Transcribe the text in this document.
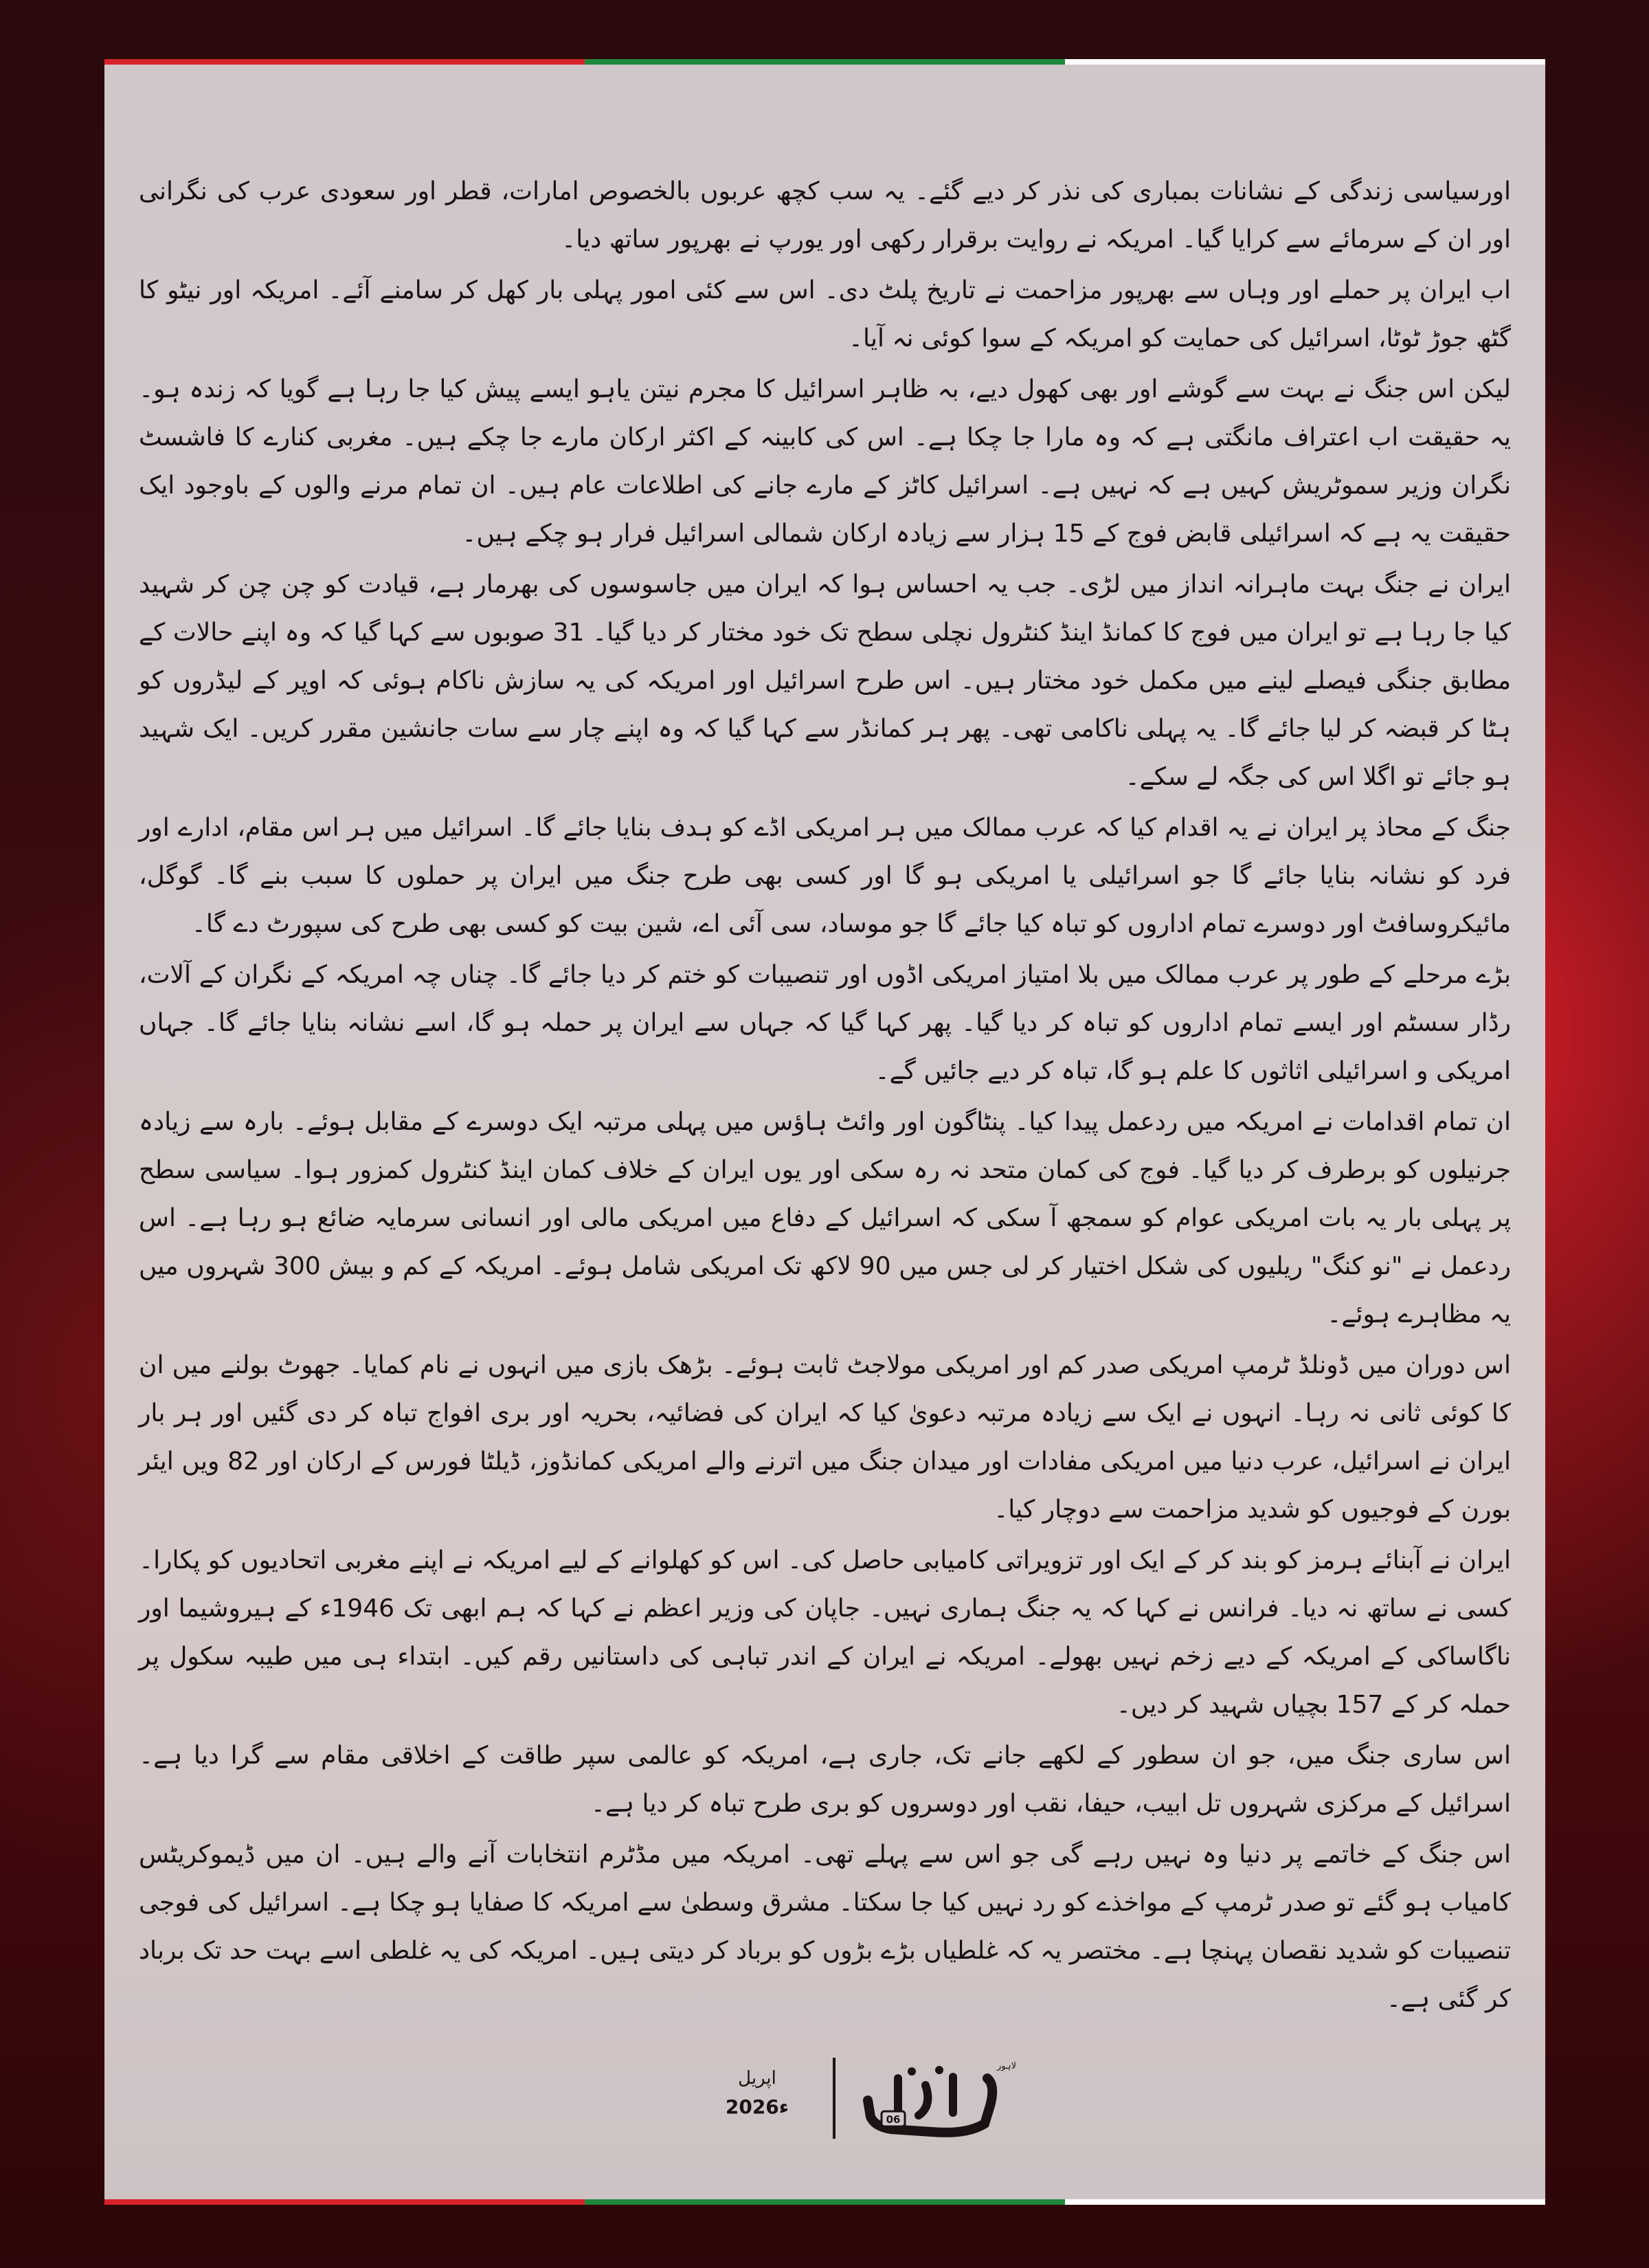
اورسیاسی زندگی کے نشانات بمباری کی نذر کر دیے گئے۔ یہ سب کچھ عربوں بالخصوص امارات، قطر اور سعودی عرب کی نگرانی اور ان کے سرمائے سے کرایا گیا۔ امریکہ نے روایت برقرار رکھی اور یورپ نے بھرپور ساتھ دیا۔

اب ایران پر حملے اور وہاں سے بھرپور مزاحمت نے تاریخ پلٹ دی۔ اس سے کئی امور پہلی بار کھل کر سامنے آئے۔ امریکہ اور نیٹو کا گٹھ جوڑ ٹوٹا، اسرائیل کی حمایت کو امریکہ کے سوا کوئی نہ آیا۔

لیکن اس جنگ نے بہت سے گوشے اور بھی کھول دیے، بہ ظاہر اسرائیل کا مجرم نیتن یاہو ایسے پیش کیا جا رہا ہے گویا کہ زندہ ہو۔ یہ حقیقت اب اعتراف مانگتی ہے کہ وہ مارا جا چکا ہے۔ اس کی کابینہ کے اکثر ارکان مارے جا چکے ہیں۔ مغربی کنارے کا فاشسٹ نگران وزیر سموٹریش کہیں ہے کہ نہیں ہے۔ اسرائیل کاٹز کے مارے جانے کی اطلاعات عام ہیں۔ ان تمام مرنے والوں کے باوجود ایک حقیقت یہ ہے کہ اسرائیلی قابض فوج کے 15 ہزار سے زیادہ ارکان شمالی اسرائیل فرار ہو چکے ہیں۔

ایران نے جنگ بہت ماہرانہ انداز میں لڑی۔ جب یہ احساس ہوا کہ ایران میں جاسوسوں کی بھرمار ہے، قیادت کو چن چن کر شہید کیا جا رہا ہے تو ایران میں فوج کا کمانڈ اینڈ کنٹرول نچلی سطح تک خود مختار کر دیا گیا۔ 31 صوبوں سے کہا گیا کہ وہ اپنے حالات کے مطابق جنگی فیصلے لینے میں مکمل خود مختار ہیں۔ اس طرح اسرائیل اور امریکہ کی یہ سازش ناکام ہوئی کہ اوپر کے لیڈروں کو ہٹا کر قبضہ کر لیا جائے گا۔ یہ پہلی ناکامی تھی۔ پھر ہر کمانڈر سے کہا گیا کہ وہ اپنے چار سے سات جانشین مقرر کریں۔ ایک شہید ہو جائے تو اگلا اس کی جگہ لے سکے۔

جنگ کے محاذ پر ایران نے یہ اقدام کیا کہ عرب ممالک میں ہر امریکی اڈے کو ہدف بنایا جائے گا۔ اسرائیل میں ہر اس مقام، ادارے اور فرد کو نشانہ بنایا جائے گا جو اسرائیلی یا امریکی ہو گا اور کسی بھی طرح جنگ میں ایران پر حملوں کا سبب بنے گا۔ گوگل، مائیکروسافٹ اور دوسرے تمام اداروں کو تباہ کیا جائے گا جو موساد، سی آئی اے، شین بیت کو کسی بھی طرح کی سپورٹ دے گا۔

بڑے مرحلے کے طور پر عرب ممالک میں بلا امتیاز امریکی اڈوں اور تنصیبات کو ختم کر دیا جائے گا۔ چناں چہ امریکہ کے نگران کے آلات، رڈار سسٹم اور ایسے تمام اداروں کو تباہ کر دیا گیا۔ پھر کہا گیا کہ جہاں سے ایران پر حملہ ہو گا، اسے نشانہ بنایا جائے گا۔ جہاں امریکی و اسرائیلی اثاثوں کا علم ہو گا، تباہ کر دیے جائیں گے۔

ان تمام اقدامات نے امریکہ میں ردعمل پیدا کیا۔ پنٹاگون اور وائٹ ہاؤس میں پہلی مرتبہ ایک دوسرے کے مقابل ہوئے۔ بارہ سے زیادہ جرنیلوں کو برطرف کر دیا گیا۔ فوج کی کمان متحد نہ رہ سکی اور یوں ایران کے خلاف کمان اینڈ کنٹرول کمزور ہوا۔ سیاسی سطح پر پہلی بار یہ بات امریکی عوام کو سمجھ آ سکی کہ اسرائیل کے دفاع میں امریکی مالی اور انسانی سرمایہ ضائع ہو رہا ہے۔ اس ردعمل نے "نو کنگ" ریلیوں کی شکل اختیار کر لی جس میں 90 لاکھ تک امریکی شامل ہوئے۔ امریکہ کے کم و بیش 300 شہروں میں یہ مظاہرے ہوئے۔

اس دوران میں ڈونلڈ ٹرمپ امریکی صدر کم اور امریکی مولاجٹ ثابت ہوئے۔ بڑھک بازی میں انہوں نے نام کمایا۔ جھوٹ بولنے میں ان کا کوئی ثانی نہ رہا۔ انہوں نے ایک سے زیادہ مرتبہ دعویٰ کیا کہ ایران کی فضائیہ، بحریہ اور بری افواج تباہ کر دی گئیں اور ہر بار ایران نے اسرائیل، عرب دنیا میں امریکی مفادات اور میدان جنگ میں اترنے والے امریکی کمانڈوز، ڈیلٹا فورس کے ارکان اور 82 ویں ایئر بورن کے فوجیوں کو شدید مزاحمت سے دوچار کیا۔

ایران نے آبنائے ہرمز کو بند کر کے ایک اور تزویراتی کامیابی حاصل کی۔ اس کو کھلوانے کے لیے امریکہ نے اپنے مغربی اتحادیوں کو پکارا۔ کسی نے ساتھ نہ دیا۔ فرانس نے کہا کہ یہ جنگ ہماری نہیں۔ جاپان کی وزیر اعظم نے کہا کہ ہم ابھی تک 1946ء کے ہیروشیما اور ناگاساکی کے امریکہ کے دیے زخم نہیں بھولے۔ امریکہ نے ایران کے اندر تباہی کی داستانیں رقم کیں۔ ابتداء ہی میں طیبہ سکول پر حملہ کر کے 157 بچیاں شہید کر دیں۔

اس ساری جنگ میں، جو ان سطور کے لکھے جانے تک، جاری ہے، امریکہ کو عالمی سپر طاقت کے اخلاقی مقام سے گرا دیا ہے۔ اسرائیل کے مرکزی شہروں تل ابیب، حیفا، نقب اور دوسروں کو بری طرح تباہ کر دیا ہے۔

اس جنگ کے خاتمے پر دنیا وہ نہیں رہے گی جو اس سے پہلے تھی۔ امریکہ میں مڈٹرم انتخابات آنے والے ہیں۔ ان میں ڈیموکریٹس کامیاب ہو گئے تو صدر ٹرمپ کے مواخذے کو رد نہیں کیا جا سکتا۔ مشرق وسطیٰ سے امریکہ کا صفایا ہو چکا ہے۔ اسرائیل کی فوجی تنصیبات کو شدید نقصان پہنچا ہے۔ مختصر یہ کہ غلطیاں بڑے بڑوں کو برباد کر دیتی ہیں۔ امریکہ کی یہ غلطی اسے بہت حد تک برباد کر گئی ہے۔

اپریل
2026ء
06
لاہور
